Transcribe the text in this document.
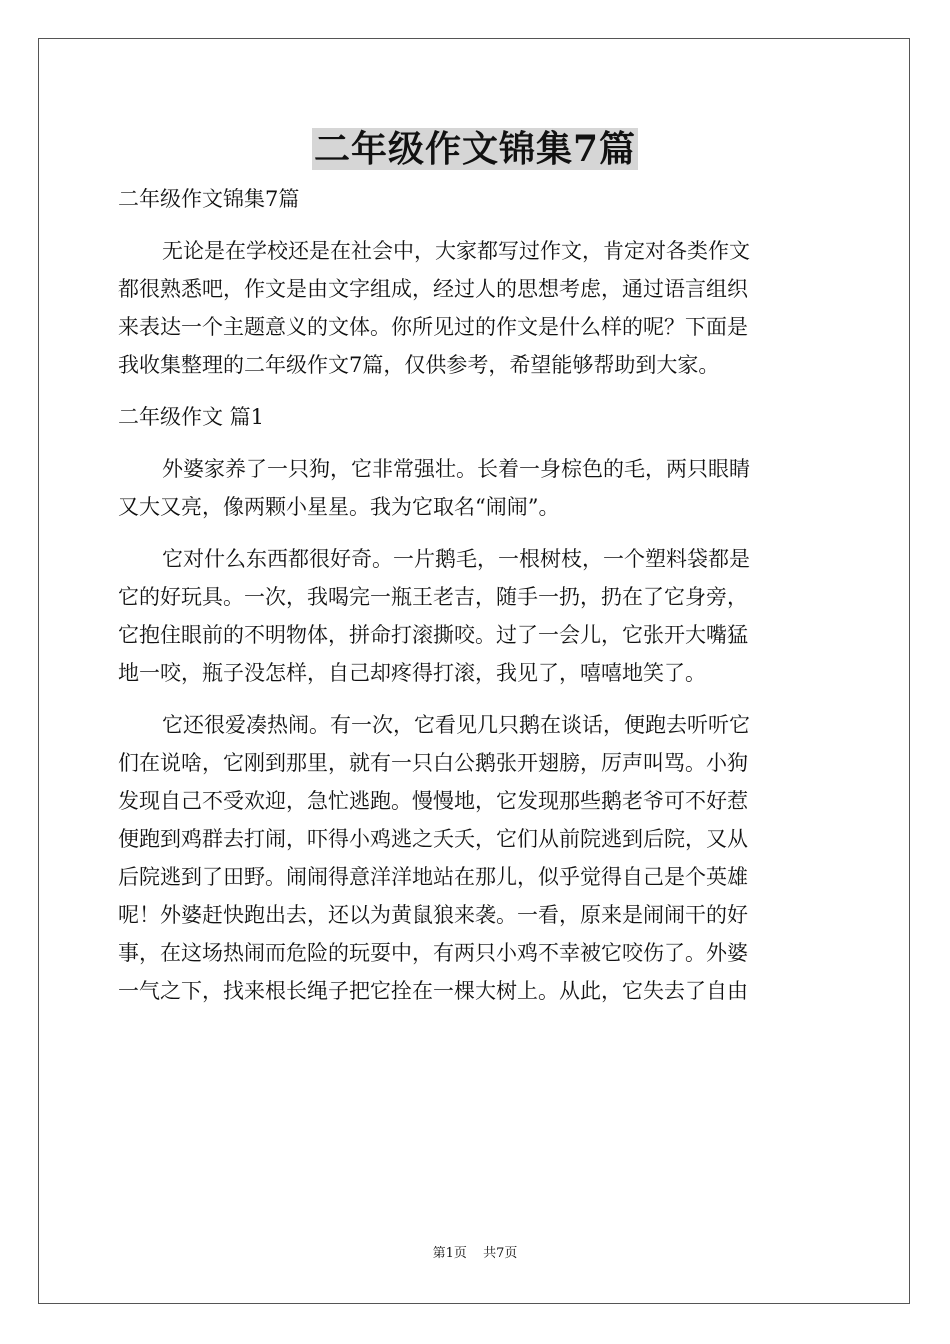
二年级作文锦集7篇
二年级作文锦集7篇
无论是在学校还是在社会中，大家都写过作文，肯定对各类作文
都很熟悉吧，作文是由文字组成，经过人的思想考虑，通过语言组织
来表达一个主题意义的文体。你所见过的作文是什么样的呢？下面是
我收集整理的二年级作文7篇，仅供参考，希望能够帮助到大家。
二年级作文 篇1
外婆家养了一只狗，它非常强壮。长着一身棕色的毛，两只眼睛
又大又亮，像两颗小星星。我为它取名“闹闹”。
它对什么东西都很好奇。一片鹅毛，一根树枝，一个塑料袋都是
它的好玩具。一次，我喝完一瓶王老吉，随手一扔，扔在了它身旁，
它抱住眼前的不明物体，拼命打滚撕咬。过了一会儿，它张开大嘴猛
地一咬，瓶子没怎样，自己却疼得打滚，我见了，嘻嘻地笑了。
它还很爱凑热闹。有一次，它看见几只鹅在谈话，便跑去听听它
们在说啥，它刚到那里，就有一只白公鹅张开翅膀，厉声叫骂。小狗
发现自己不受欢迎，急忙逃跑。慢慢地，它发现那些鹅老爷可不好惹
便跑到鸡群去打闹，吓得小鸡逃之夭夭，它们从前院逃到后院，又从
后院逃到了田野。闹闹得意洋洋地站在那儿，似乎觉得自己是个英雄
呢！外婆赶快跑出去，还以为黄鼠狼来袭。一看，原来是闹闹干的好
事，在这场热闹而危险的玩耍中，有两只小鸡不幸被它咬伤了。外婆
一气之下，找来根长绳子把它拴在一棵大树上。从此，它失去了自由
第1页 共7页
